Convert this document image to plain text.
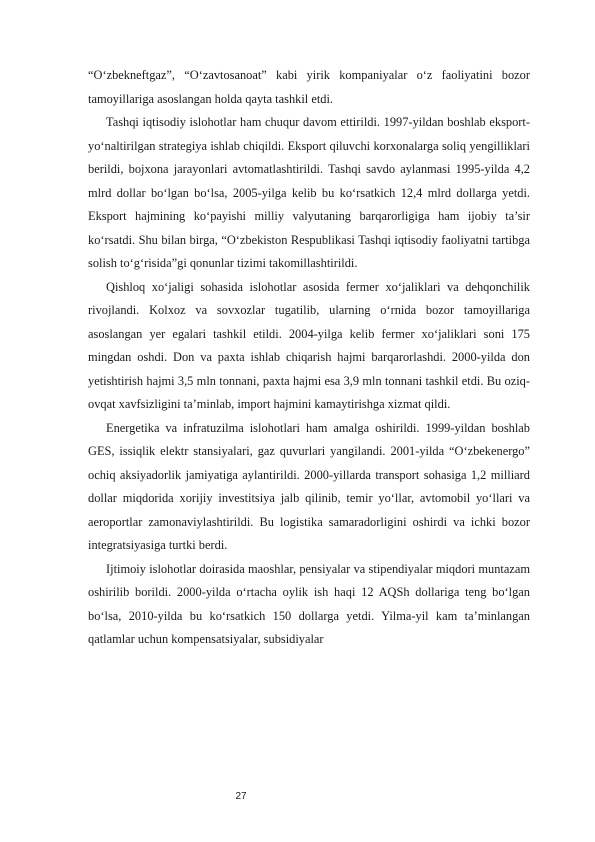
“O‘zbekneftgaz”, “O‘zavtosanoat” kabi yirik kompaniyalar o‘z faoliyatini bozor tamoyillariga asoslangan holda qayta tashkil etdi.

Tashqi iqtisodiy islohotlar ham chuqur davom ettirildi. 1997-yildan boshlab eksport-yo‘naltirilgan strategiya ishlab chiqildi. Eksport qiluvchi korxonalarga soliq yengilliklari berildi, bojxona jarayonlari avtomatlashtirildi. Tashqi savdo aylanmasi 1995-yilda 4,2 mlrd dollar bo‘lgan bo‘lsa, 2005-yilga kelib bu ko‘rsatkich 12,4 mlrd dollarga yetdi. Eksport hajmining ko‘payishi milliy valyutaning barqarorligiga ham ijobiy ta’sir ko‘rsatdi. Shu bilan birga, “O‘zbekiston Respublikasi Tashqi iqtisodiy faoliyatni tartibga solish to‘g‘risida”gi qonunlar tizimi takomillashtirildi.

Qishloq xo‘jaligi sohasida islohotlar asosida fermer xo‘jaliklari va dehqonchilik rivojlandi. Kolxoz va sovxozlar tugatilib, ularning o‘rnida bozor tamoyillariga asoslangan yer egalari tashkil etildi. 2004-yilga kelib fermer xo‘jaliklari soni 175 mingdan oshdi. Don va paxta ishlab chiqarish hajmi barqarorlashdi. 2000-yilda don yetishtirish hajmi 3,5 mln tonnani, paxta hajmi esa 3,9 mln tonnani tashkil etdi. Bu oziq-ovqat xavfsizligini ta’minlab, import hajmini kamaytirishga xizmat qildi.

Energetika va infratuzilma islohotlari ham amalga oshirildi. 1999-yildan boshlab GES, issiqlik elektr stansiyalari, gaz quvurlari yangilandi. 2001-yilda “O‘zbekenergo” ochiq aksiyadorlik jamiyatiga aylantirildi. 2000-yillarda transport sohasiga 1,2 milliard dollar miqdorida xorijiy investitsiya jalb qilinib, temir yo‘llar, avtomobil yo‘llari va aeroportlar zamonaviylashtirildi. Bu logistika samaradorligini oshirdi va ichki bozor integratsiyasiga turtki berdi.

Ijtimoiy islohotlar doirasida maoshlar, pensiyalar va stipendiyalar miqdori muntazam oshirilib borildi. 2000-yilda o‘rtacha oylik ish haqi 12 AQSh dollariga teng bo‘lgan bo‘lsa, 2010-yilda bu ko‘rsatkich 150 dollarga yetdi. Yilma-yil kam ta’minlangan qatlamlar uchun kompensatsiyalar, subsidiyalar

27
